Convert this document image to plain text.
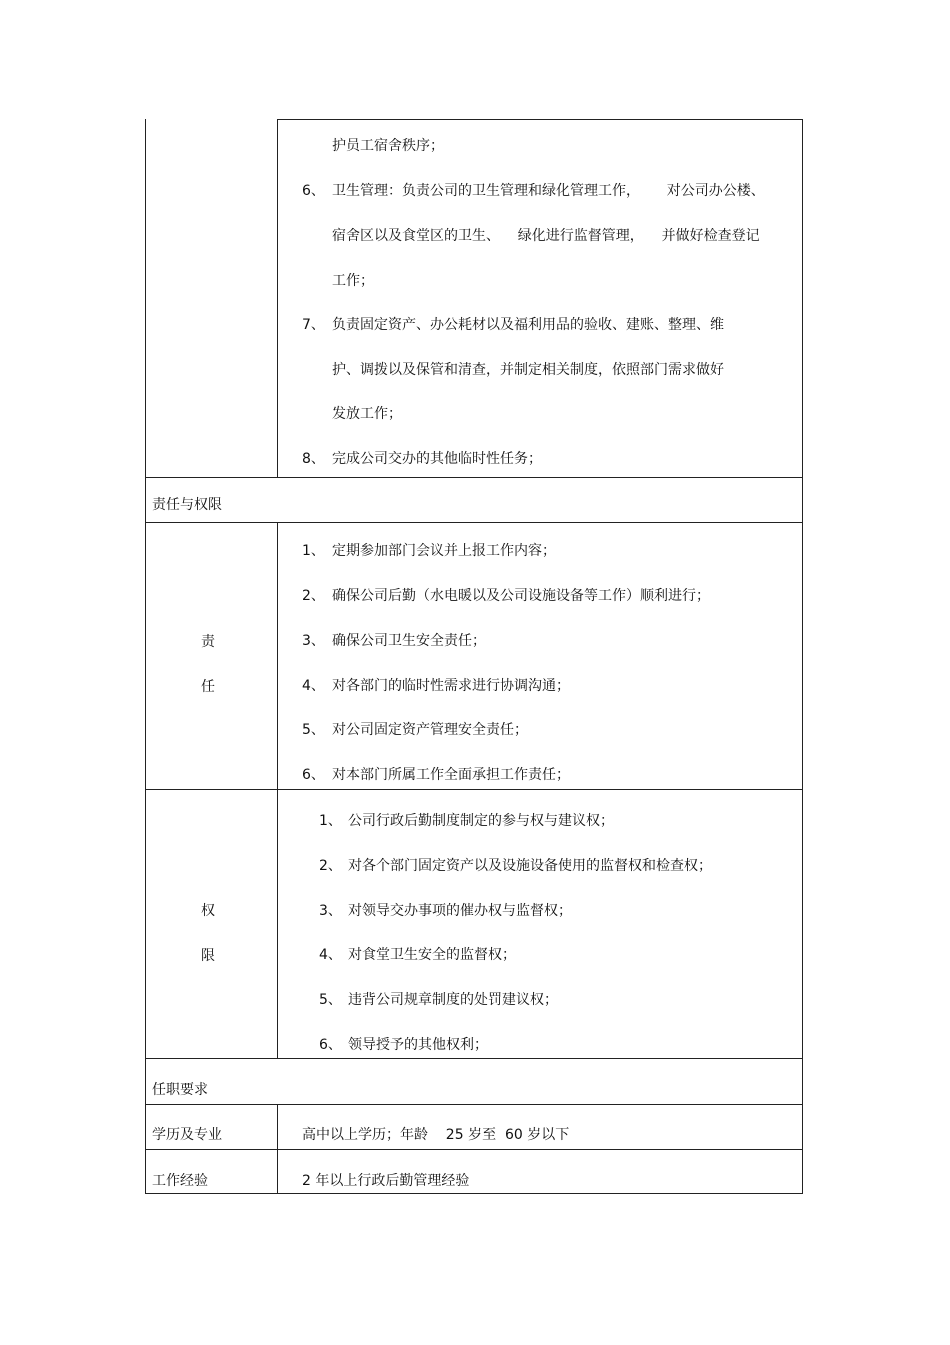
护员工宿舍秩序；
6、 卫生管理：负责公司的卫生管理和绿化管理工作，      对公司办公楼、
宿舍区以及食堂区的卫生、    绿化进行监督管理，    并做好检查登记
工作；
7、 负责固定资产、办公耗材以及福利用品的验收、建账、整理、维
护、调拨以及保管和清查，并制定相关制度，依照部门需求做好
发放工作；
8、 完成公司交办的其他临时性任务；
责任与权限
责
任
1、 定期参加部门会议并上报工作内容；
2、 确保公司后勤（水电暖以及公司设施设备等工作）顺利进行；
3、 确保公司卫生安全责任；
4、 对各部门的临时性需求进行协调沟通；
5、 对公司固定资产管理安全责任；
6、 对本部门所属工作全面承担工作责任；
权
限
1、 公司行政后勤制度制定的参与权与建议权；
2、 对各个部门固定资产以及设施设备使用的监督权和检查权；
3、 对领导交办事项的催办权与监督权；
4、 对食堂卫生安全的监督权；
5、 违背公司规章制度的处罚建议权；
6、 领导授予的其他权利；
任职要求
学历及专业	高中以上学历；年龄    25 岁至  60 岁以下
工作经验	2 年以上行政后勤管理经验
